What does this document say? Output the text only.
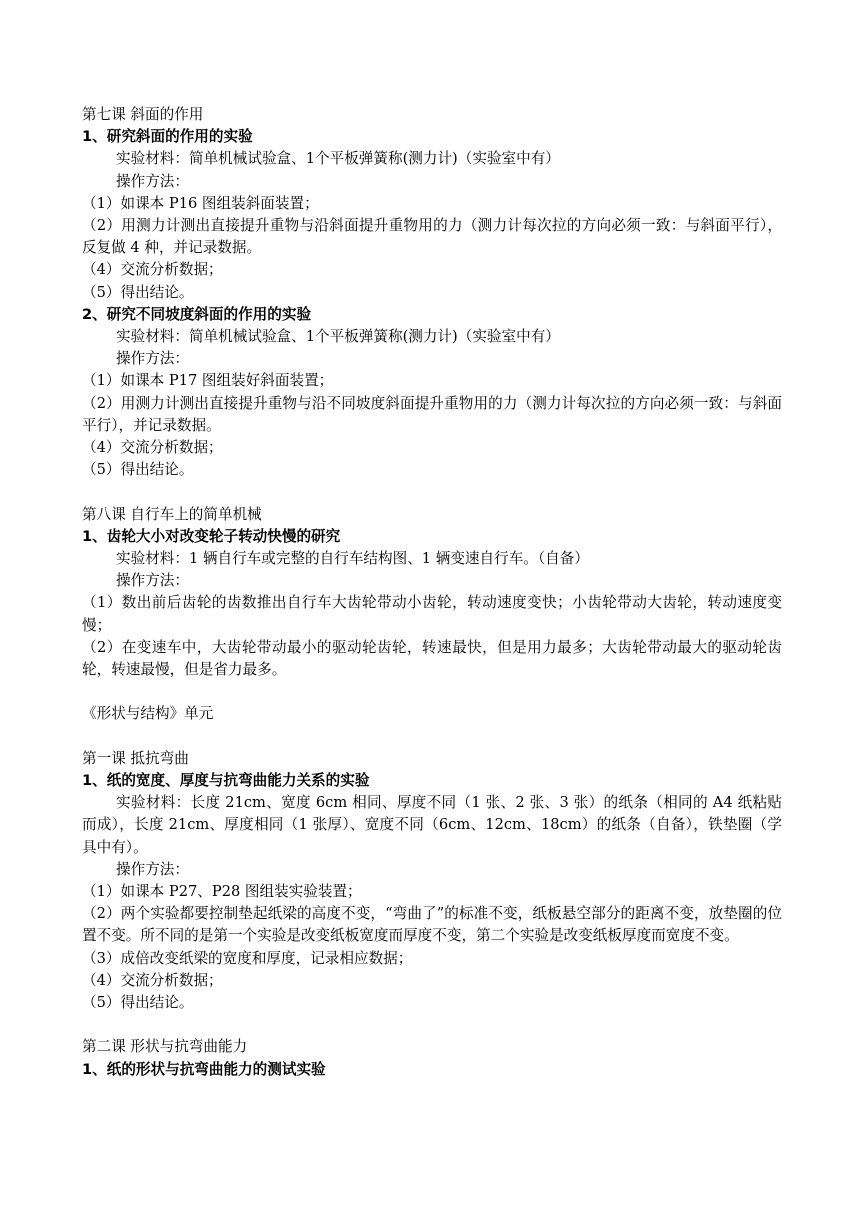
第七课 斜面的作用
1、研究斜面的作用的实验
实验材料：简单机械试验盒、1个平板弹簧称(测力计)（实验室中有）
操作方法：
（1）如课本 P16 图组装斜面装置；
（2）用测力计测出直接提升重物与沿斜面提升重物用的力（测力计每次拉的方向必须一致：与斜面平行），反复做 4 种，并记录数据。
（4）交流分析数据；
（5）得出结论。
2、研究不同坡度斜面的作用的实验
实验材料：简单机械试验盒、1个平板弹簧称(测力计)（实验室中有）
操作方法：
（1）如课本 P17 图组装好斜面装置；
（2）用测力计测出直接提升重物与沿不同坡度斜面提升重物用的力（测力计每次拉的方向必须一致：与斜面平行），并记录数据。
（4）交流分析数据；
（5）得出结论。
第八课 自行车上的简单机械
1、齿轮大小对改变轮子转动快慢的研究
实验材料：1 辆自行车或完整的自行车结构图、1 辆变速自行车。（自备）
操作方法：
（1）数出前后齿轮的齿数推出自行车大齿轮带动小齿轮，转动速度变快；小齿轮带动大齿轮，转动速度变慢；
（2）在变速车中，大齿轮带动最小的驱动轮齿轮，转速最快，但是用力最多；大齿轮带动最大的驱动轮齿轮，转速最慢，但是省力最多。
《形状与结构》单元
第一课 抵抗弯曲
1、纸的宽度、厚度与抗弯曲能力关系的实验
实验材料：长度 21cm、宽度 6cm 相同、厚度不同（1 张、2 张、3 张）的纸条（相同的 A4 纸粘贴而成），长度 21cm、厚度相同（1 张厚）、宽度不同（6cm、12cm、18cm）的纸条（自备），铁垫圈（学具中有）。
操作方法：
（1）如课本 P27、P28 图组装实验装置；
（2）两个实验都要控制垫起纸梁的高度不变，“弯曲了”的标准不变，纸板悬空部分的距离不变，放垫圈的位置不变。所不同的是第一个实验是改变纸板宽度而厚度不变，第二个实验是改变纸板厚度而宽度不变。
（3）成倍改变纸梁的宽度和厚度，记录相应数据；
（4）交流分析数据；
（5）得出结论。
第二课 形状与抗弯曲能力
1、纸的形状与抗弯曲能力的测试实验
